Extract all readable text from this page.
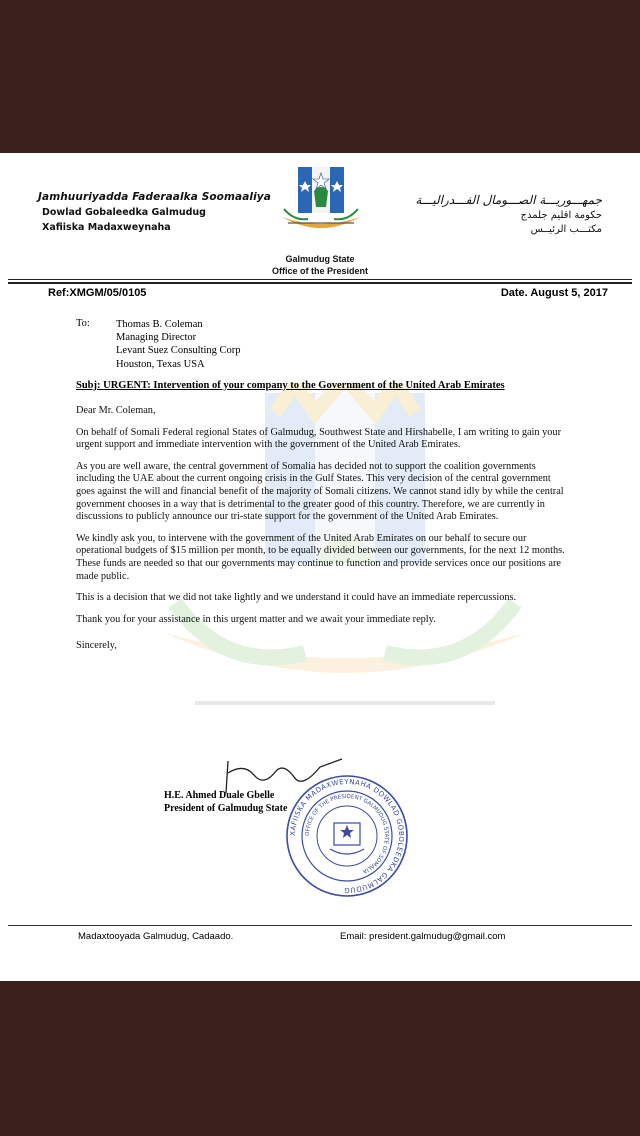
Jamhuuriyadda Faderaalka Soomaaliya
Dowlad Gobaleedka Galmudug
Xafiiska Madaxweynaha
Galmudug State
Office of the President
جمهـــوريـــة الصـــومال الفـــدراليـــة
حكومة اقليم جلمدج
مكتـــب الرئيــس
Ref:XMGM/05/0105	Date. August 5, 2017
To: Thomas B. Coleman
Managing Director
Levant Suez Consulting Corp
Houston, Texas USA
Subj: URGENT: Intervention of your company to the Government of the United Arab Emirates

Dear Mr. Coleman,

On behalf of Somali Federal regional States of Galmudug, Southwest State and Hirshabelle, I am writing to gain your urgent support and immediate intervention with the government of the United Arab Emirates.

As you are well aware, the central government of Somalia has decided not to support the coalition governments including the UAE about the current ongoing crisis in the Gulf States. This very decision of the central government goes against the will and financial benefit of the majority of Somali citizens. We cannot stand idly by while the central government chooses in a way that is detrimental to the greater good of this country. Therefore, we are currently in discussions to publicly announce our tri-state support for the government of the United Arab Emirates.

We kindly ask you, to intervene with the government of the United Arab Emirates on our behalf to secure our operational budgets of $15 million per month, to be equally divided between our governments, for the next 12 months. These funds are needed so that our governments may continue to function and provide services once our positions are made public.

This is a decision that we did not take lightly and we understand it could have an immediate repercussions.

Thank you for your assistance in this urgent matter and we await your immediate reply.

Sincerely,

H.E. Ahmed Duale Gbelle
President of Galmudug State
XAFIISKA MADAXWEYNAHA DOWLAD GOBOLEEDKA GALMUDUG
OFFICE OF THE PRESIDENT GALMUDUG STATE OF SOMALIA
Madaxtooyada Galmudug, Cadaado.	Email: president.galmudug@gmail.com
